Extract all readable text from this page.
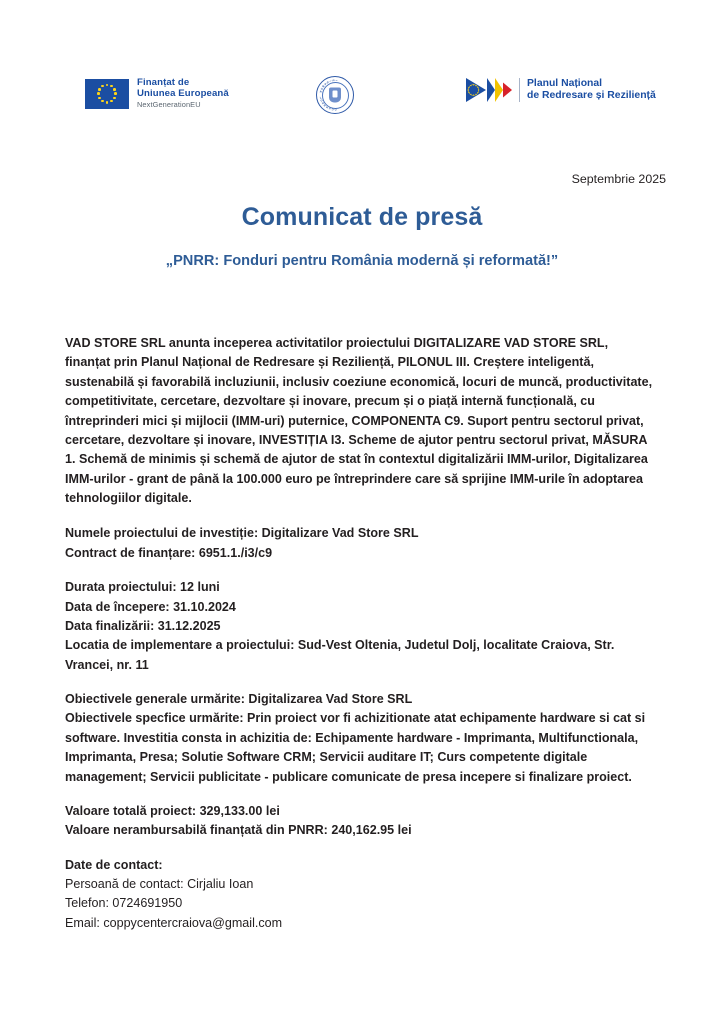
Finanțat de
Uniunea Europeană
NextGenerationEU
G
U
V
E
R
N
U
L
R
O
M
Â
N I E I	Planul Național
de Redresare și Reziliență
Septembrie 2025
Comunicat de presă
„PNRR: Fonduri pentru România modernă și reformată!”

VAD STORE SRL anunta inceperea activitatilor proiectului DIGITALIZARE VAD STORE SRL, finanțat prin Planul Național de Redresare și Reziliență, PILONUL III. Creștere inteligentă, sustenabilă și favorabilă incluziunii, inclusiv coeziune economică, locuri de muncă, productivitate, competitivitate, cercetare, dezvoltare și inovare, precum și o piață internă funcțională, cu întreprinderi mici și mijlocii (IMM-uri) puternice, COMPONENTA C9. Suport pentru sectorul privat, cercetare, dezvoltare și inovare, INVESTIȚIA I3. Scheme de ajutor pentru sectorul privat, MĂSURA 1. Schemă de minimis și schemă de ajutor de stat în contextul digitalizării IMM-urilor, Digitalizarea IMM-urilor - grant de până la 100.000 euro pe întreprindere care să sprijine IMM-urile în adoptarea tehnologiilor digitale.

Numele proiectului de investiție: Digitalizare Vad Store SRL
Contract de finanțare: 6951.1./i3/c9
Durata proiectului: 12 luni
Data de începere: 31.10.2024
Data finalizării: 31.12.2025
Locatia de implementare a proiectului: Sud-Vest Oltenia, Judetul Dolj, localitate Craiova, Str. Vrancei, nr. 11
Obiectivele generale urmărite: Digitalizarea Vad Store SRL
Obiectivele specfice urmărite: Prin proiect vor fi achizitionate atat echipamente hardware si cat si software. Investitia consta in achizitia de: Echipamente hardware ‑ Imprimanta, Multifunctionala, Imprimanta, Presa; Solutie Software CRM; Servicii auditare IT; Curs competente digitale management; Servicii publicitate ‑ publicare comunicate de presa incepere si finalizare proiect.
Valoare totală proiect: 329,133.00 lei
Valoare nerambursabilă finanțată din PNRR: 240,162.95 lei
Date de contact:
Persoană de contact: Cirjaliu Ioan
Telefon: 0724691950
Email: coppycentercraiova@gmail.com
